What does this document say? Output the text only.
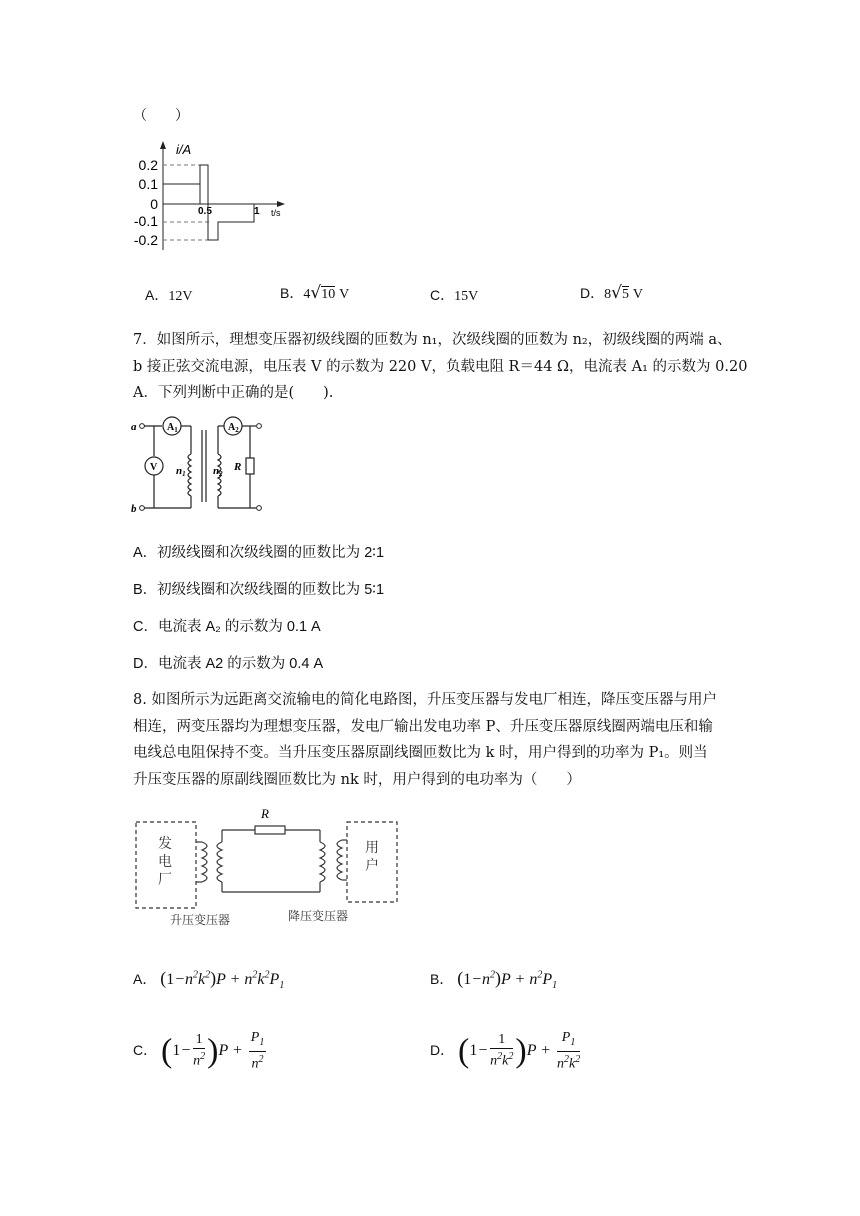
（　　）
i/A
t/s
0.2
0.1
0
-0.1
-0.2
0.5	1
A．12V	B．4√10 V	C．15V	D．8√5 V
7．如图所示，理想变压器初级线圈的匝数为 n₁，次级线圈的匝数为 n₂，初级线圈的两端 a、
b 接正弦交流电源，电压表 V 的示数为 220 V，负载电阻 R＝44 Ω，电流表 A₁ 的示数为 0.20
A．下列判断中正确的是(　　).
a
b
n1 n2
R
$A_1$	$A_2$
V
A．初级线圈和次级线圈的匝数比为 2∶1
B．初级线圈和次级线圈的匝数比为 5∶1
C．电流表 A₂ 的示数为 0.1 A
D．电流表 A2 的示数为 0.4 A
8. 如图所示为远距离交流输电的简化电路图，升压变压器与发电厂相连，降压变压器与用户
相连，两变压器均为理想变压器，发电厂输出发电功率 P、升压变压器原线圈两端电压和输
电线总电阻保持不变。当升压变压器原副线圈匝数比为 k 时，用户得到的功率为 P₁。则当
升压变压器的原副线圈匝数比为 nk 时，用户得到的电功率为（　　）
R
发
电
厂
用
户
升压变压器	降压变压器
A． $(1-n^2k^2)P + n^2k^2P_1$	B． $(1-n^2)P + n^2P_1$
C． $(1- \frac{1}{n^2} )P + \frac{P_1}{n^2}$	D． $(1- \frac{1}{n^2k^2} )P + \frac{P_1}{n^2k^2}$
